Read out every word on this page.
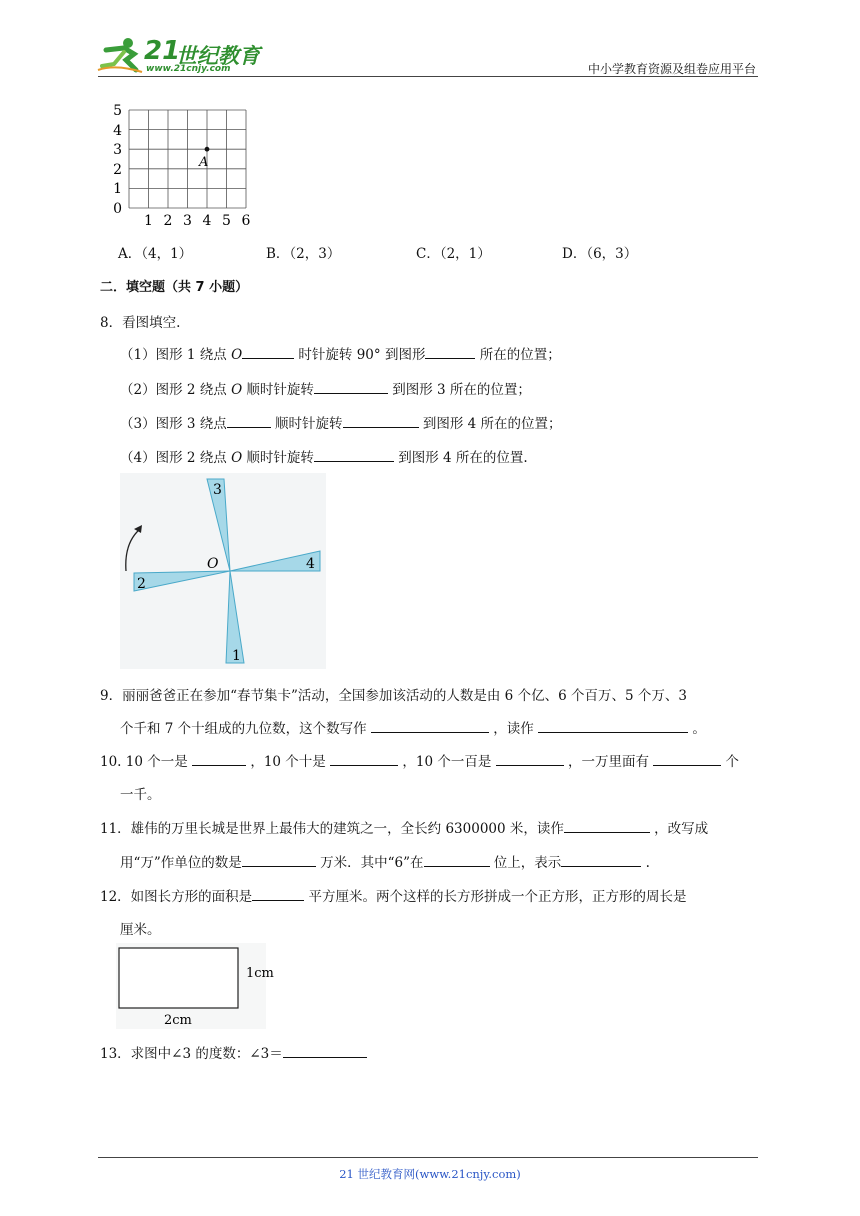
21
世纪教育
www.21cnjy.com	中小学教育资源及组卷应用平台
5
4
3
2
1
0
1 2 3 4 5 6
A
A．（4，1）	B．（2，3）	C．（2，1）	D．（6，3）
二．填空题（共 7 小题）
8．看图填空.
（1）图形 1 绕点 O	时针旋转 90° 到图形	所在的位置；
（2）图形 2 绕点 O 顺时针旋转	到图形 3 所在的位置；
（3）图形 3 绕点	顺时针旋转	到图形 4 所在的位置；
（4）图形 2 绕点 O 顺时针旋转	到图形 4 所在的位置.
1
2
3
4
O
9．丽丽爸爸正在参加“春节集卡”活动，全国参加该活动的人数是由 6 个亿、6 个百万、5 个万、3
个千和 7 个十组成的九位数，这个数写作	，读作	。
10. 10 个一是	，10 个十是	，10 个一百是	，一万里面有	个
一千。
11．雄伟的万里长城是世界上最伟大的建筑之一，全长约 6300000 米，读作	，改写成
用“万”作单位的数是	万米．其中“6”在	位上，表示	.
12．如图长方形的面积是	平方厘米。两个这样的长方形拼成一个正方形，正方形的周长是
厘米。
1cm
2cm
13．求图中∠3 的度数：∠3＝
21 世纪教育网(www.21cnjy.com)
